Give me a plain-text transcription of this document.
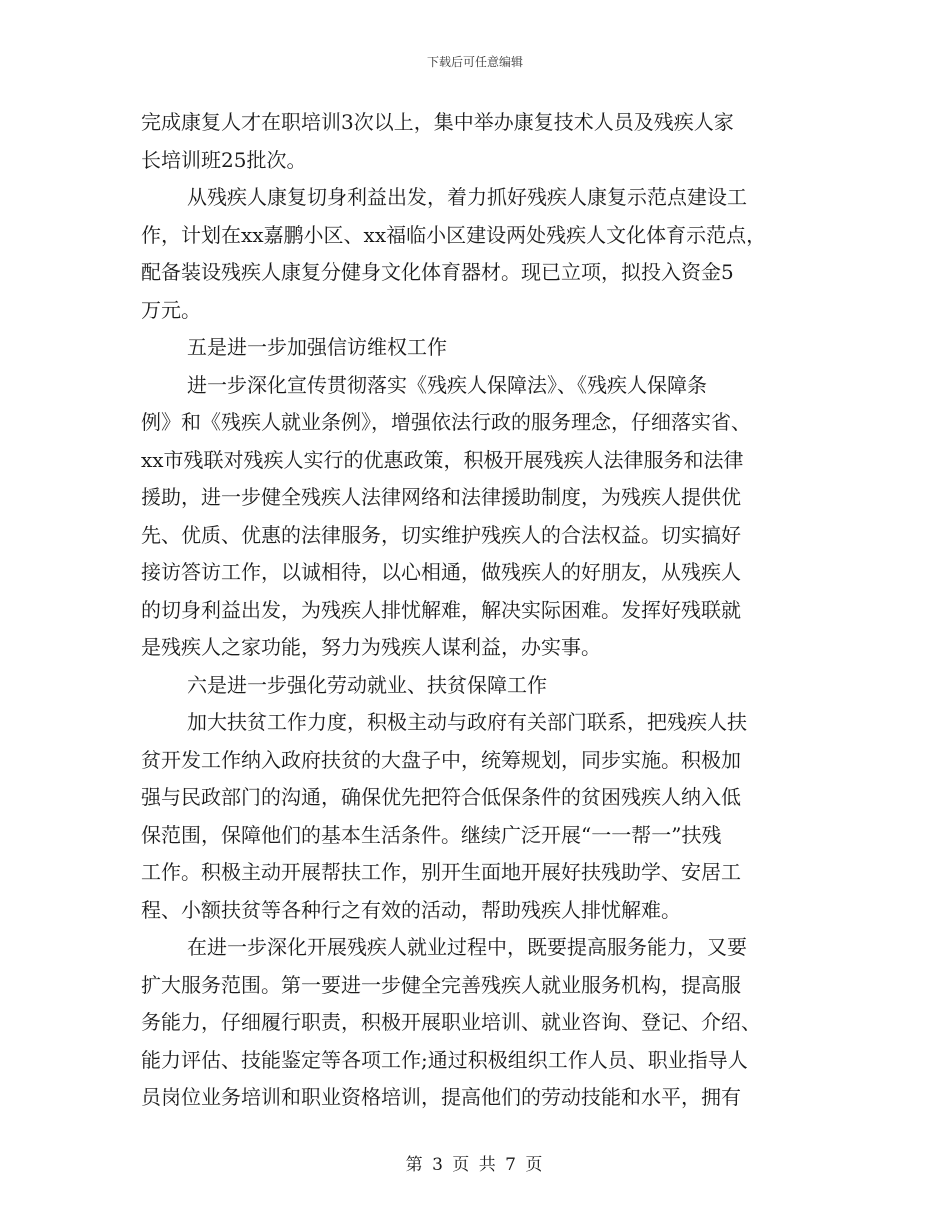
下载后可任意编辑
完成康复人才在职培训3次以上，集中举办康复技术人员及残疾人家
长培训班25批次。
从残疾人康复切身利益出发，着力抓好残疾人康复示范点建设工
作，计划在xx嘉鹏小区、xx福临小区建设两处残疾人文化体育示范点，
配备装设残疾人康复分健身文化体育器材。现已立项，拟投入资金5
万元。
五是进一步加强信访维权工作
进一步深化宣传贯彻落实《残疾人保障法》、《残疾人保障条
例》和《残疾人就业条例》，增强依法行政的服务理念，仔细落实省、
xx市残联对残疾人实行的优惠政策，积极开展残疾人法律服务和法律
援助，进一步健全残疾人法律网络和法律援助制度，为残疾人提供优
先、优质、优惠的法律服务，切实维护残疾人的合法权益。切实搞好
接访答访工作，以诚相待，以心相通，做残疾人的好朋友，从残疾人
的切身利益出发，为残疾人排忧解难，解决实际困难。发挥好残联就
是残疾人之家功能，努力为残疾人谋利益，办实事。
六是进一步强化劳动就业、扶贫保障工作
加大扶贫工作力度，积极主动与政府有关部门联系，把残疾人扶
贫开发工作纳入政府扶贫的大盘子中，统筹规划，同步实施。积极加
强与民政部门的沟通，确保优先把符合低保条件的贫困残疾人纳入低
保范围，保障他们的基本生活条件。继续广泛开展“一一帮一”扶残
工作。积极主动开展帮扶工作，别开生面地开展好扶残助学、安居工
程、小额扶贫等各种行之有效的活动，帮助残疾人排忧解难。
在进一步深化开展残疾人就业过程中，既要提高服务能力，又要
扩大服务范围。第一要进一步健全完善残疾人就业服务机构，提高服
务能力，仔细履行职责，积极开展职业培训、就业咨询、登记、介绍、
能力评估、技能鉴定等各项工作;通过积极组织工作人员、职业指导人
员岗位业务培训和职业资格培训，提高他们的劳动技能和水平，拥有
第 3 页 共 7 页
